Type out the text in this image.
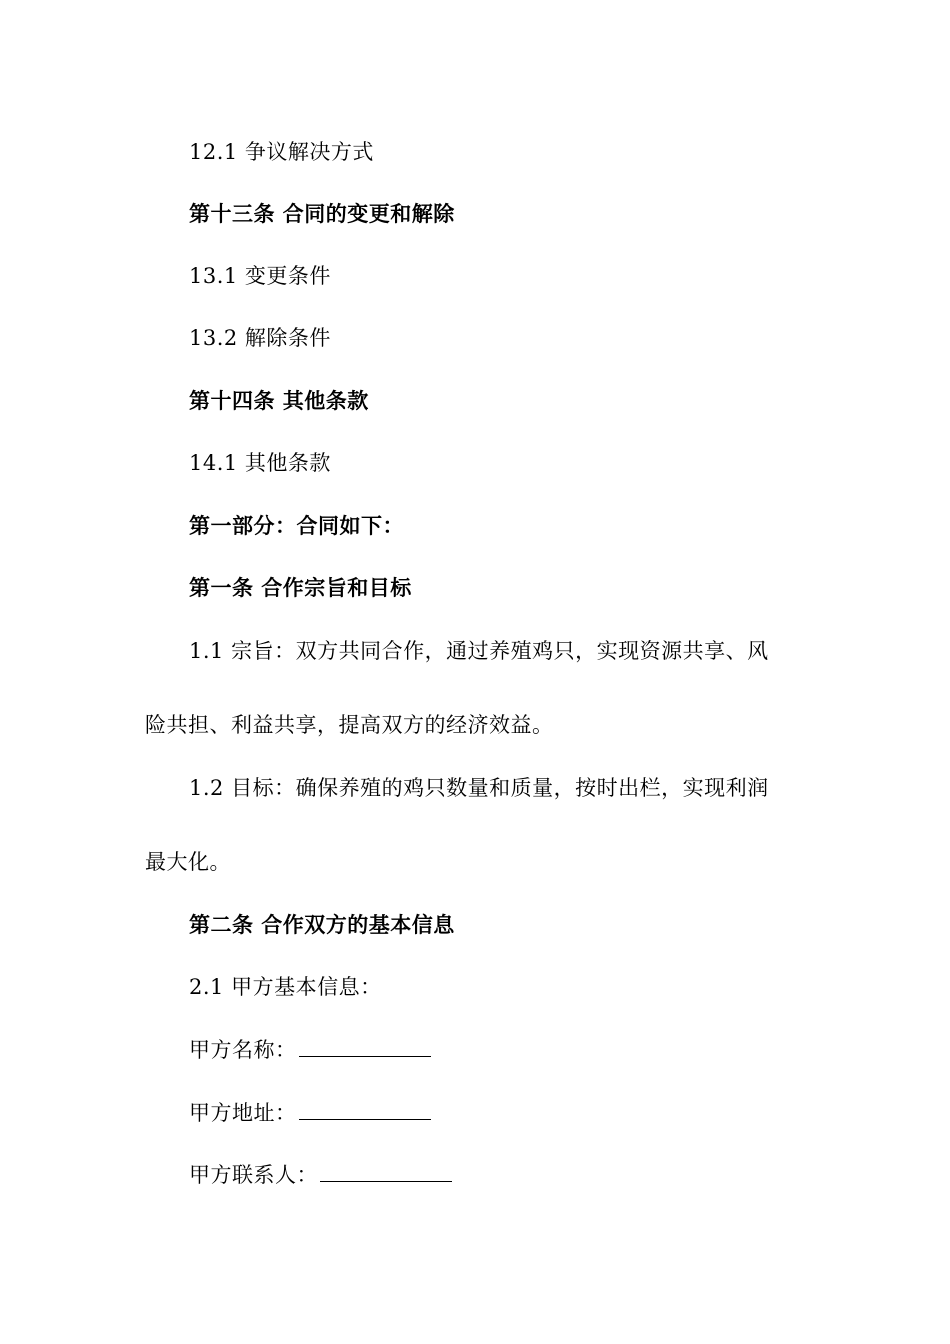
12.1 争议解决方式
第十三条 合同的变更和解除
13.1 变更条件
13.2 解除条件
第十四条 其他条款
14.1 其他条款
第一部分：合同如下：
第一条 合作宗旨和目标
1.1 宗旨：双方共同合作，通过养殖鸡只，实现资源共享、风
险共担、利益共享，提高双方的经济效益。
1.2 目标：确保养殖的鸡只数量和质量，按时出栏，实现利润
最大化。
第二条 合作双方的基本信息
2.1 甲方基本信息：
甲方名称：
甲方地址：
甲方联系人：
